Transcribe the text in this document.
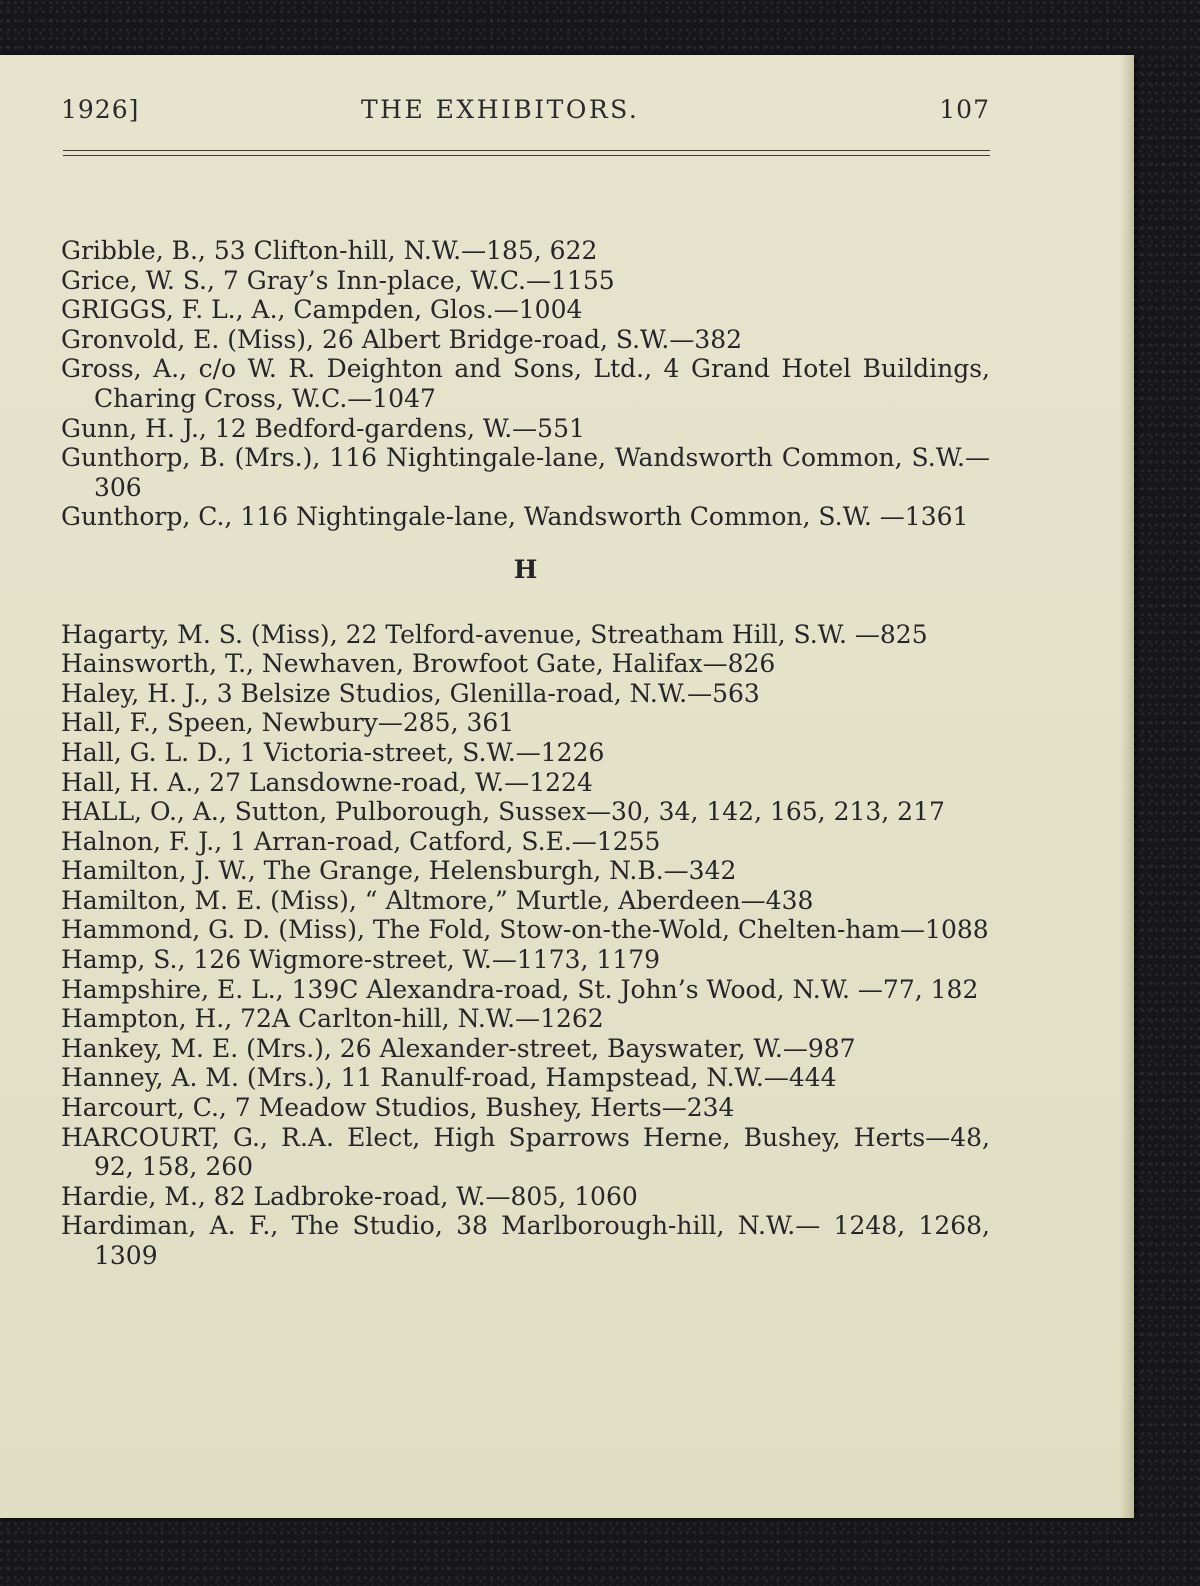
1926]	THE EXHIBITORS.	107
Gribble, B., 53 Clifton-hill, N.W.—185, 622
Grice, W. S., 7 Gray’s Inn-place, W.C.—1155
GRIGGS, F. L., A., Campden, Glos.—1004
Gronvold, E. (Miss), 26 Albert Bridge-road, S.W.—382
Gross, A., c/o W. R. Deighton and Sons, Ltd., 4 Grand Hotel Buildings, Charing Cross, W.C.—1047
Gunn, H. J., 12 Bedford-gardens, W.—551
Gunthorp, B. (Mrs.), 116 Nightingale-lane, Wandsworth Common, S.W.—306
Gunthorp, C., 116 Nightingale-lane, Wandsworth Common, S.W. —1361
H
Hagarty, M. S. (Miss), 22 Telford-avenue, Streatham Hill, S.W. —825
Hainsworth, T., Newhaven, Browfoot Gate, Halifax—826
Haley, H. J., 3 Belsize Studios, Glenilla-road, N.W.—563
Hall, F., Speen, Newbury—285, 361
Hall, G. L. D., 1 Victoria-street, S.W.—1226
Hall, H. A., 27 Lansdowne-road, W.—1224
HALL, O., A., Sutton, Pulborough, Sussex—30, 34, 142, 165, 213, 217
Halnon, F. J., 1 Arran-road, Catford, S.E.—1255
Hamilton, J. W., The Grange, Helensburgh, N.B.—342
Hamilton, M. E. (Miss), “ Altmore,” Murtle, Aberdeen—438
Hammond, G. D. (Miss), The Fold, Stow-on-the-Wold, Chelten-ham—1088
Hamp, S., 126 Wigmore-street, W.—1173, 1179
Hampshire, E. L., 139C Alexandra-road, St. John’s Wood, N.W. —77, 182
Hampton, H., 72A Carlton-hill, N.W.—1262
Hankey, M. E. (Mrs.), 26 Alexander-street, Bayswater, W.—987
Hanney, A. M. (Mrs.), 11 Ranulf-road, Hampstead, N.W.—444
Harcourt, C., 7 Meadow Studios, Bushey, Herts—234
HARCOURT, G., R.A. Elect, High Sparrows Herne, Bushey, Herts—48, 92, 158, 260
Hardie, M., 82 Ladbroke-road, W.—805, 1060
Hardiman, A. F., The Studio, 38 Marlborough-hill, N.W.— 1248, 1268, 1309
